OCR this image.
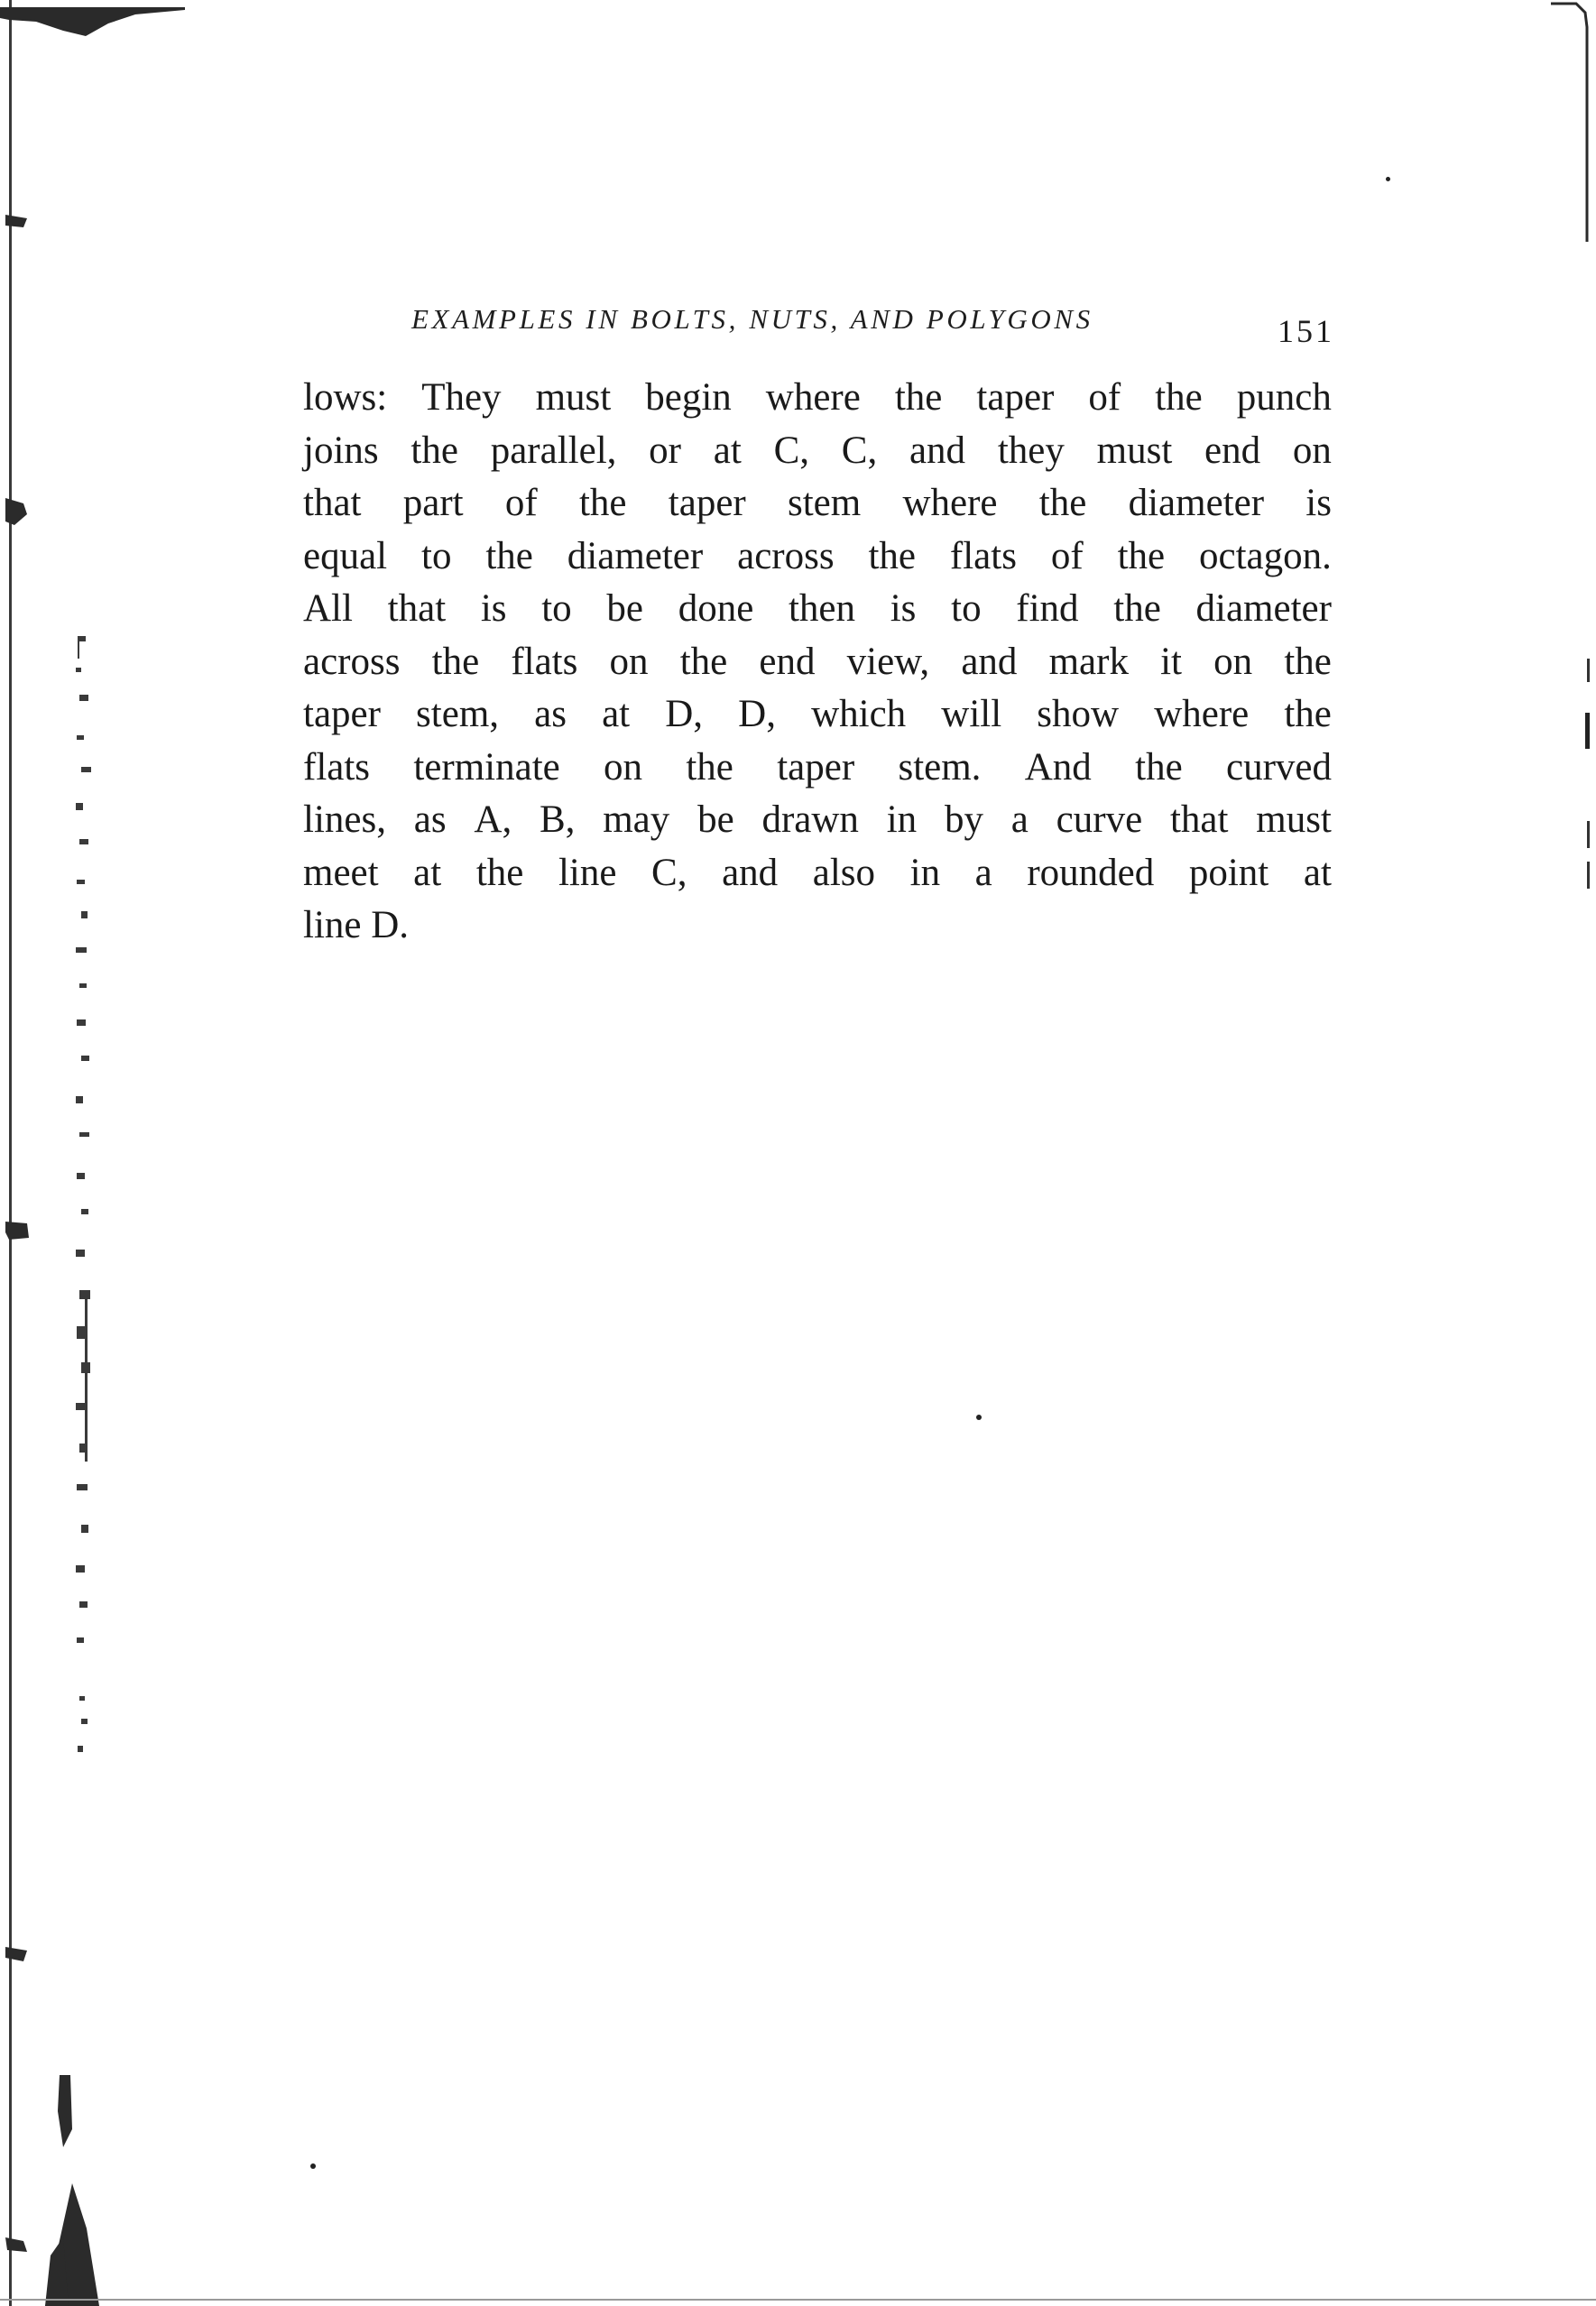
EXAMPLES IN BOLTS, NUTS, AND POLYGONS	151
lows: They must begin where the taper of the punch
joins the parallel, or at C, C, and they must end on
that part of the taper stem where the diameter is
equal to the diameter across the flats of the octagon.
All that is to be done then is to find the diameter
across the flats on the end view, and mark it on the
taper stem, as at D, D, which will show where the
flats terminate on the taper stem. And the curved
lines, as A, B, may be drawn in by a curve that must
meet at the line C, and also in a rounded point at
line D.
